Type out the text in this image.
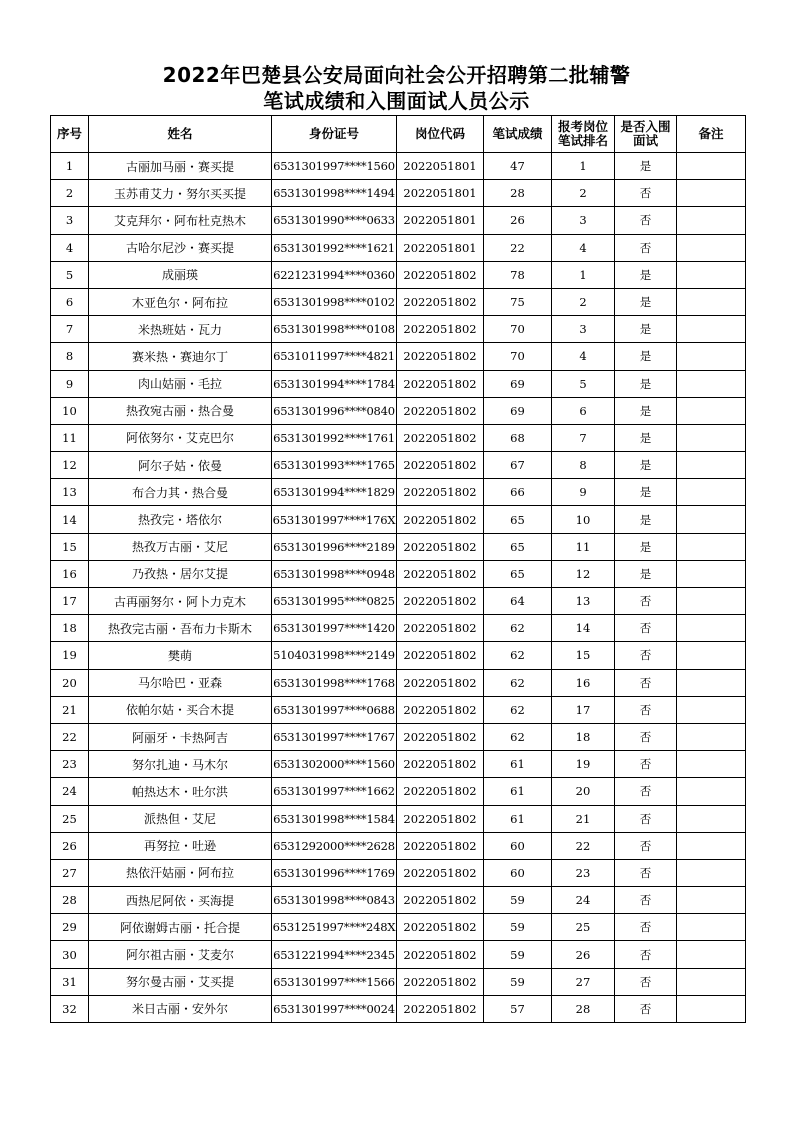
2022年巴楚县公安局面向社会公开招聘第二批辅警
笔试成绩和入围面试人员公示
序号	姓名	身份证号	岗位代码	笔试成绩	报考岗位笔试排名	是否入围面试	备注
1	古丽加马丽・赛买提	6531301997****1560	2022051801	47	1	是	
2	玉苏甫艾力・努尔买买提	6531301998****1494	2022051801	28	2	否	
3	艾克拜尔・阿布杜克热木	6531301990****0633	2022051801	26	3	否	
4	古哈尔尼沙・赛买提	6531301992****1621	2022051801	22	4	否	
5	成丽瑛	6221231994****0360	2022051802	78	1	是	
6	木亚色尔・阿布拉	6531301998****0102	2022051802	75	2	是	
7	米热班姑・瓦力	6531301998****0108	2022051802	70	3	是	
8	赛米热・赛迪尔丁	6531011997****4821	2022051802	70	4	是	
9	肉山姑丽・毛拉	6531301994****1784	2022051802	69	5	是	
10	热孜宛古丽・热合曼	6531301996****0840	2022051802	69	6	是	
11	阿依努尔・艾克巴尔	6531301992****1761	2022051802	68	7	是	
12	阿尔子姑・依曼	6531301993****1765	2022051802	67	8	是	
13	布合力其・热合曼	6531301994****1829	2022051802	66	9	是	
14	热孜完・塔依尔	6531301997****176X	2022051802	65	10	是	
15	热孜万古丽・艾尼	6531301996****2189	2022051802	65	11	是	
16	乃孜热・居尔艾提	6531301998****0948	2022051802	65	12	是	
17	古再丽努尔・阿卜力克木	6531301995****0825	2022051802	64	13	否	
18	热孜完古丽・吾布力卡斯木	6531301997****1420	2022051802	62	14	否	
19	樊萌	5104031998****2149	2022051802	62	15	否	
20	马尔哈巴・亚森	6531301998****1768	2022051802	62	16	否	
21	依帕尔姑・买合木提	6531301997****0688	2022051802	62	17	否	
22	阿丽牙・卡热阿吉	6531301997****1767	2022051802	62	18	否	
23	努尔扎迪・马木尔	6531302000****1560	2022051802	61	19	否	
24	帕热达木・吐尔洪	6531301997****1662	2022051802	61	20	否	
25	派热但・艾尼	6531301998****1584	2022051802	61	21	否	
26	再努拉・吐逊	6531292000****2628	2022051802	60	22	否	
27	热依汗姑丽・阿布拉	6531301996****1769	2022051802	60	23	否	
28	西热尼阿依・买海提	6531301998****0843	2022051802	59	24	否	
29	阿依谢姆古丽・托合提	6531251997****248X	2022051802	59	25	否	
30	阿尔祖古丽・艾麦尔	6531221994****2345	2022051802	59	26	否	
31	努尔曼古丽・艾买提	6531301997****1566	2022051802	59	27	否	
32	米日古丽・安外尔	6531301997****0024	2022051802	57	28	否	
